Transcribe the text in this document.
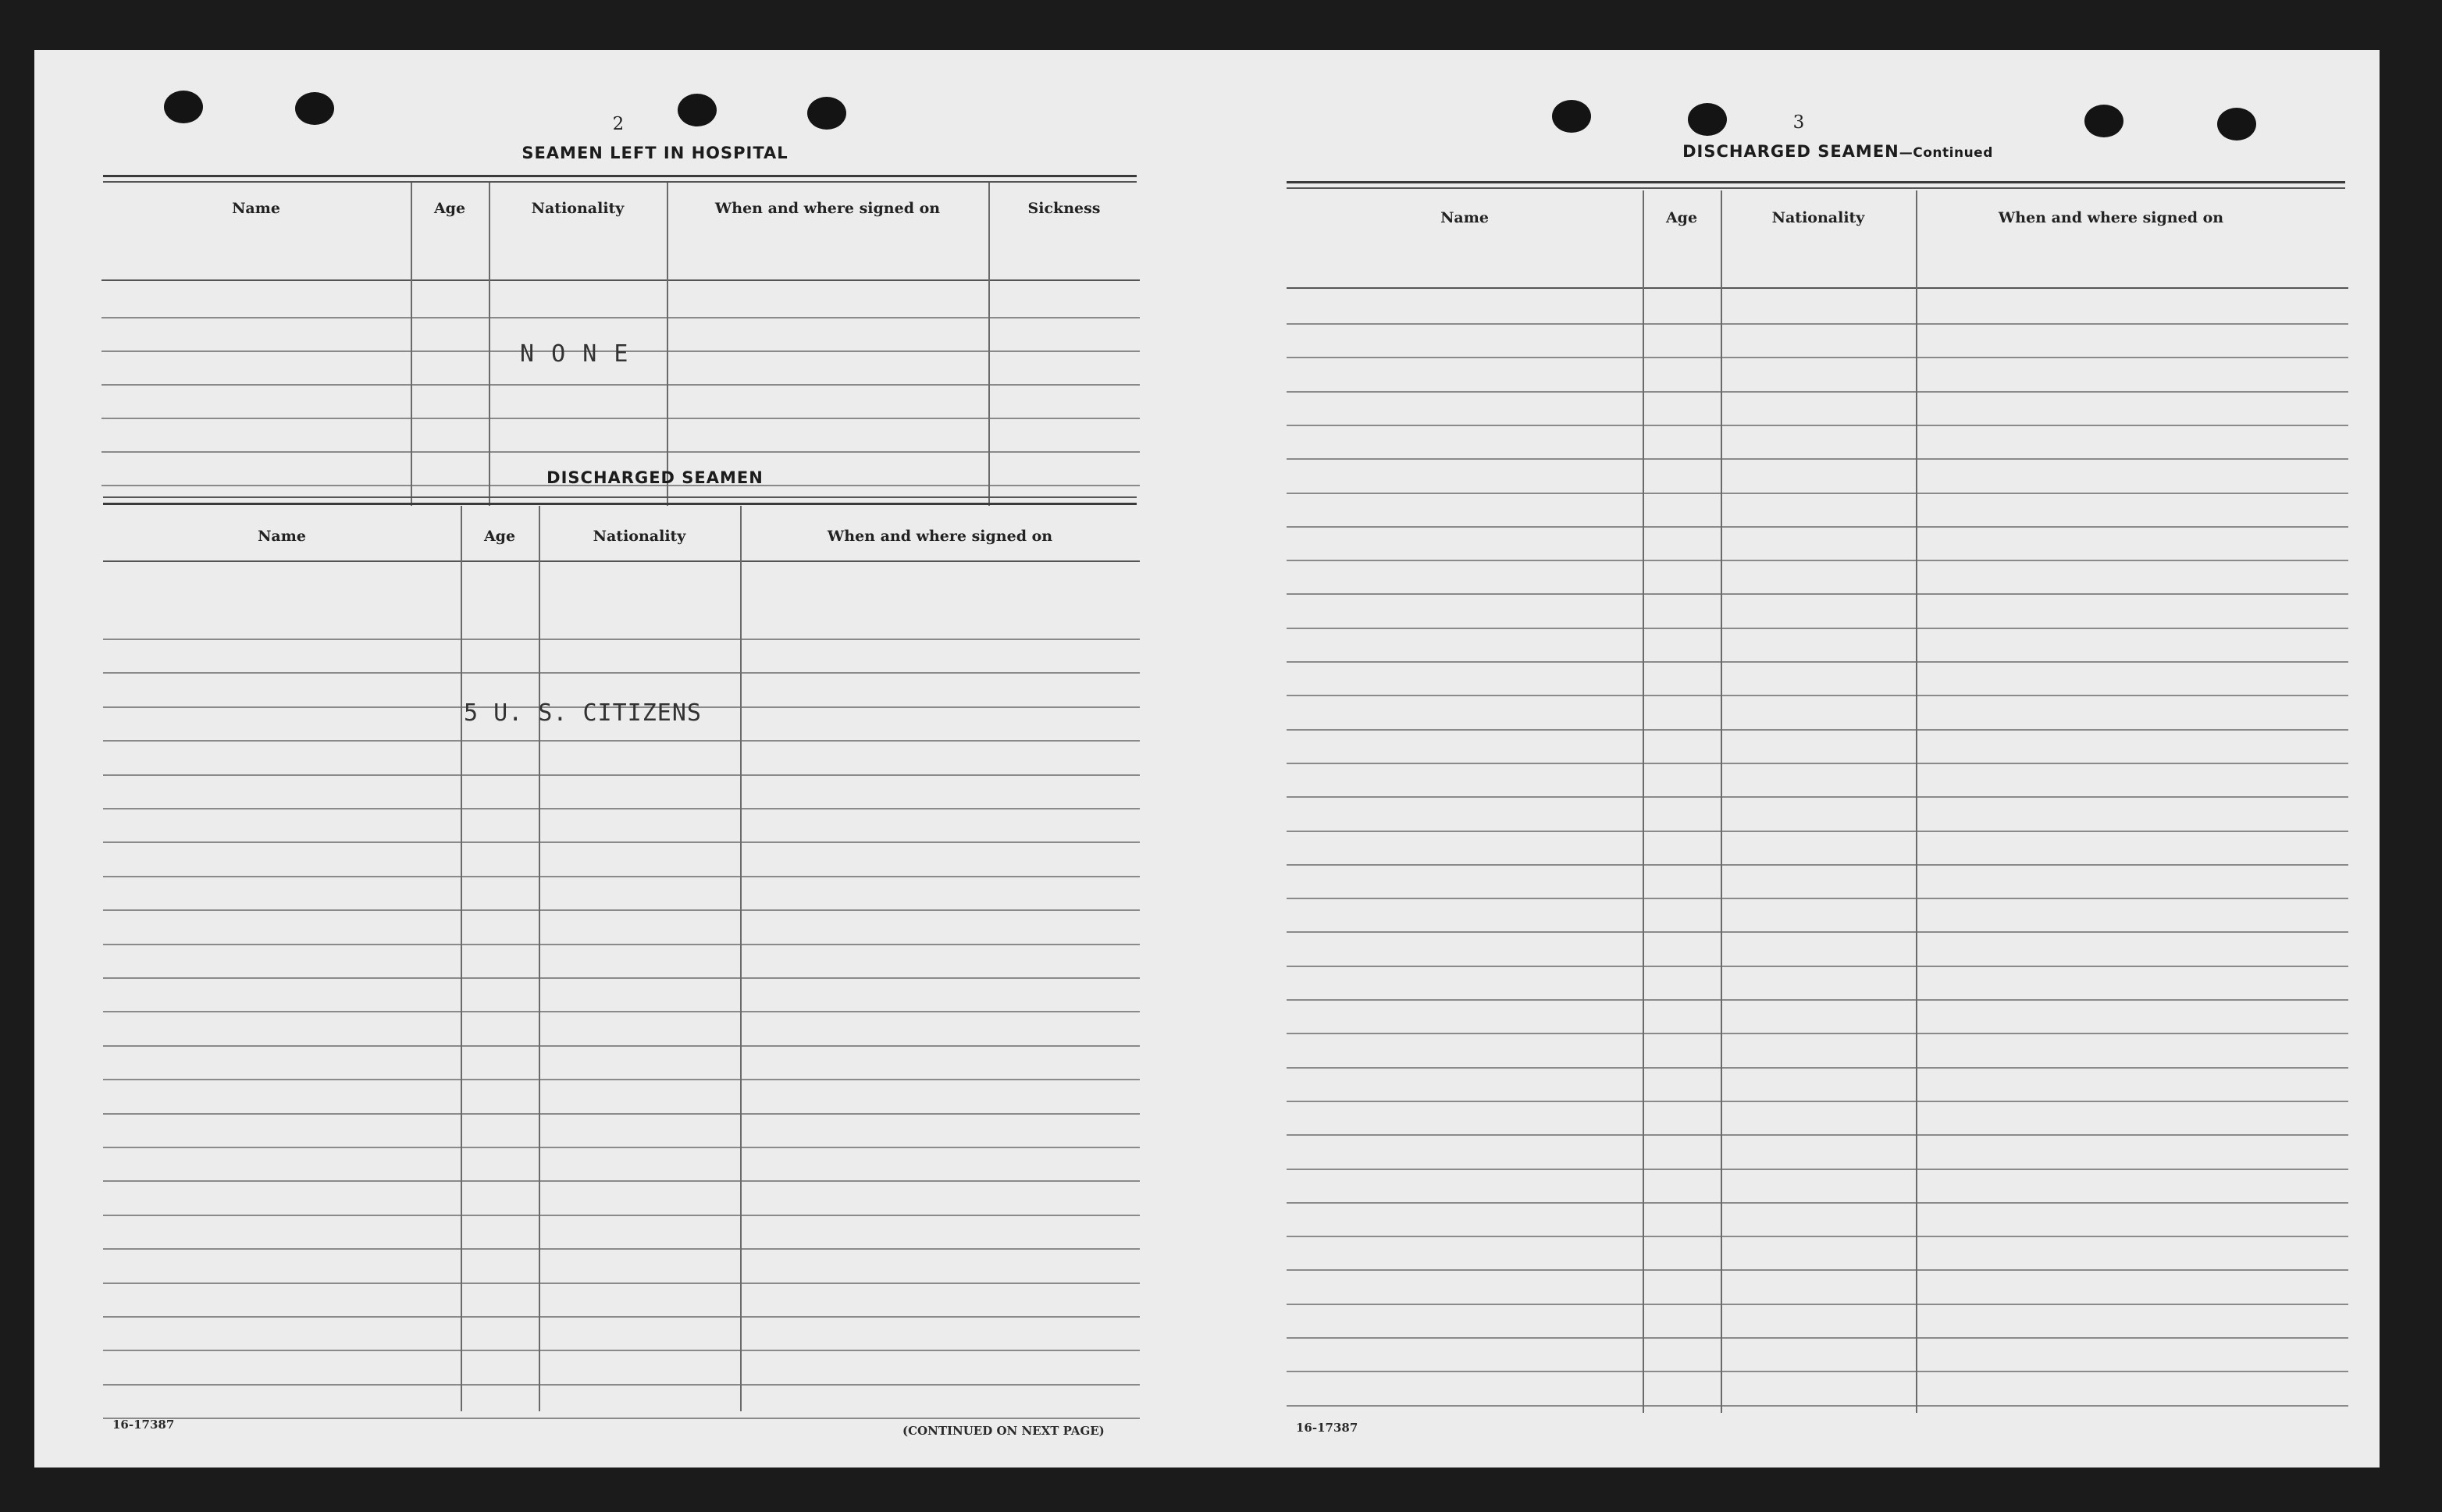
2
SEAMEN LEFT IN HOSPITAL
Name	Age	Nationality	When and where signed on	Sickness
N O N E
DISCHARGED SEAMEN
Name	Age	Nationality	When and where signed on
5 U. S. CITIZENS
16-17387	(CONTINUED ON NEXT PAGE)
3
DISCHARGED SEAMEN—Continued
Name	Age	Nationality	When and where signed on
16-17387
